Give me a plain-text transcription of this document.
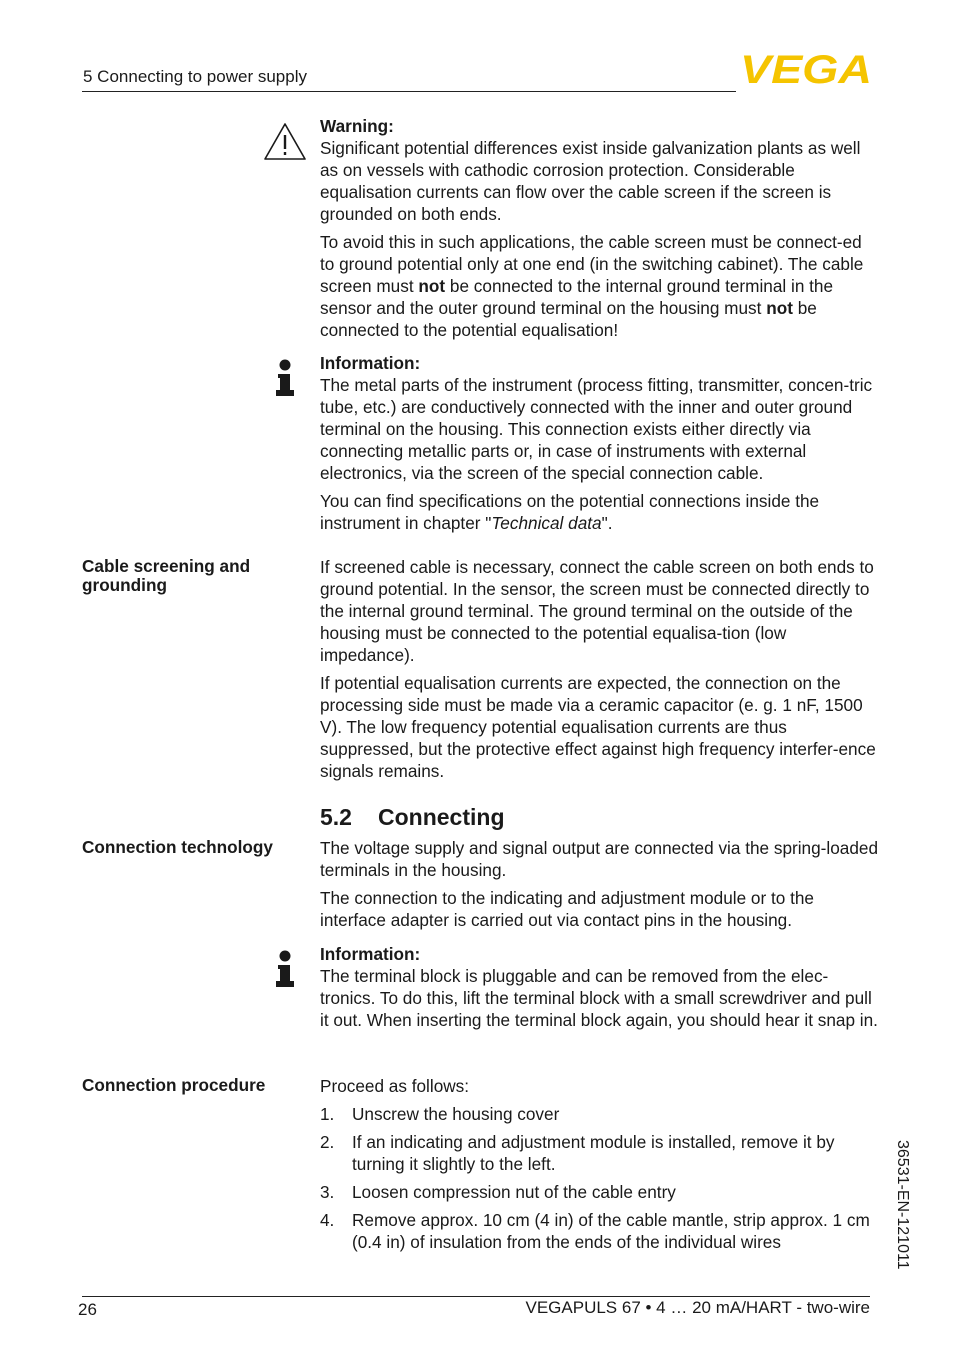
5 Connecting to power supply	VEGA
Warning:

Significant potential differences exist inside galvanization plants as well as on vessels with cathodic corrosion protection. Considerable equalisation currents can flow over the cable screen if the screen is grounded on both ends.

To avoid this in such applications, the cable screen must be connect-ed to ground potential only at one end (in the switching cabinet). The cable screen must not be connected to the internal ground terminal in the sensor and the outer ground terminal on the housing must not be connected to the potential equalisation!

Information:

The metal parts of the instrument (process fitting, transmitter, concen-tric tube, etc.) are conductively connected with the inner and outer ground terminal on the housing. This connection exists either directly via connecting metallic parts or, in case of instruments with external electronics, via the screen of the special connection cable.

You can find specifications on the potential connections inside the instrument in chapter "Technical data".

Cable screening and grounding

If screened cable is necessary, connect the cable screen on both ends to ground potential. In the sensor, the screen must be connected directly to the internal ground terminal. The ground terminal on the outside of the housing must be connected to the potential equalisa-tion (low impedance).

If potential equalisation currents are expected, the connection on the processing side must be made via a ceramic capacitor (e. g. 1 nF, 1500 V). The low frequency potential equalisation currents are thus suppressed, but the protective effect against high frequency interfer-ence signals remains.

5.2 Connecting
Connection technology	The voltage supply and signal output are connected via the spring-loaded terminals in the housing.

The connection to the indicating and adjustment module or to the interface adapter is carried out via contact pins in the housing.

Information:

The terminal block is pluggable and can be removed from the elec-tronics. To do this, lift the terminal block with a small screwdriver and pull it out. When inserting the terminal block again, you should hear it snap in.

Connection procedure	Proceed as follows:

1.	Unscrew the housing cover
2.	If an indicating and adjustment module is installed, remove it by turning it slightly to the left.
3.	Loosen compression nut of the cable entry
4.	Remove approx. 10 cm (4 in) of the cable mantle, strip approx. 1 cm (0.4 in) of insulation from the ends of the individual wires	36531-EN-121011
26	VEGAPULS 67 • 4 … 20 mA/HART - two-wire
